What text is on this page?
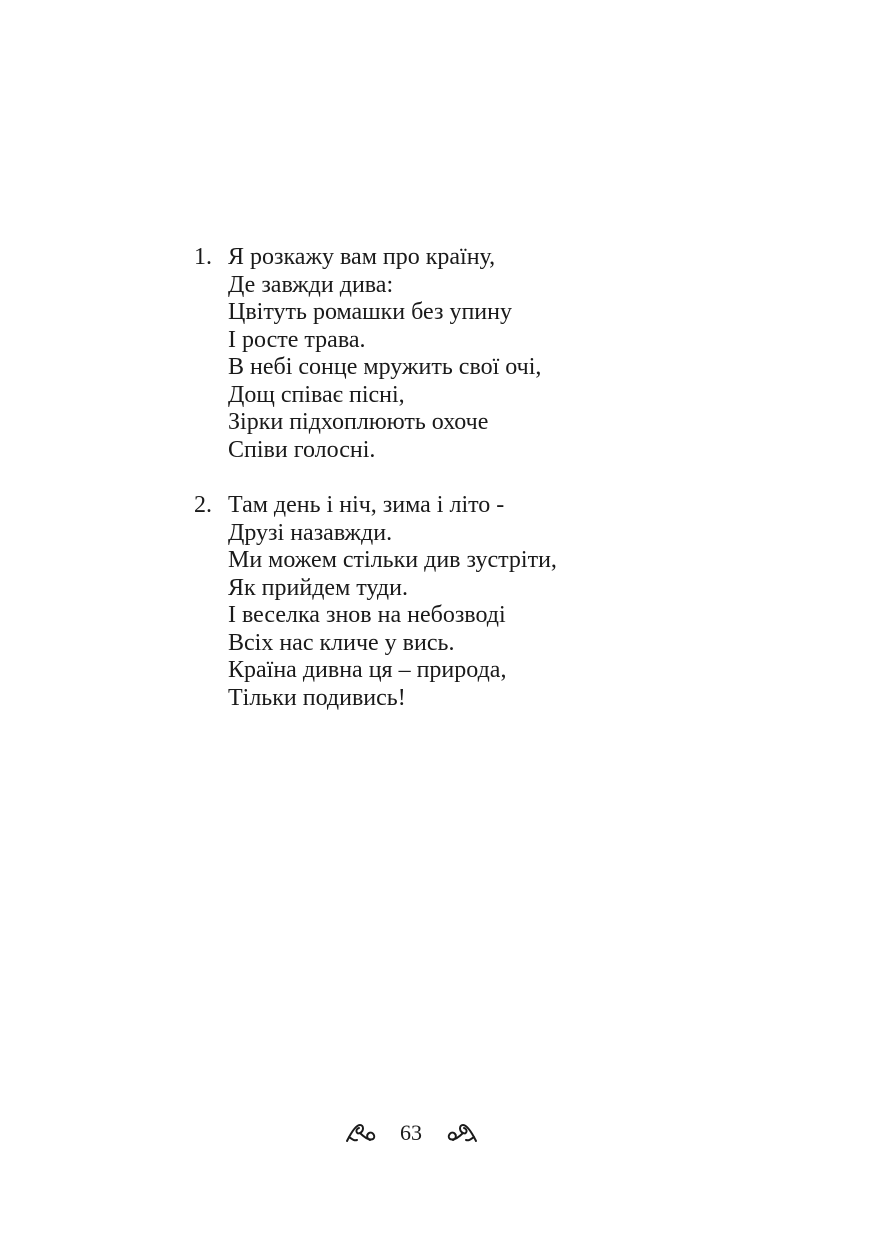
1. Я розкажу вам про країну,
Де завжди дива:
Цвітуть ромашки без упину
І росте трава.
В небі сонце мружить свої очі,
Дощ співає пісні,
Зірки підхоплюють охоче
Співи голосні.
2. Там день і ніч, зима і літо -
Друзі назавжди.
Ми можем стільки див зустріти,
Як прийдем туди.
І веселка знов на небозводі
Всіх нас кличе у вись.
Країна дивна ця – природа,
Тільки подивись!
63
